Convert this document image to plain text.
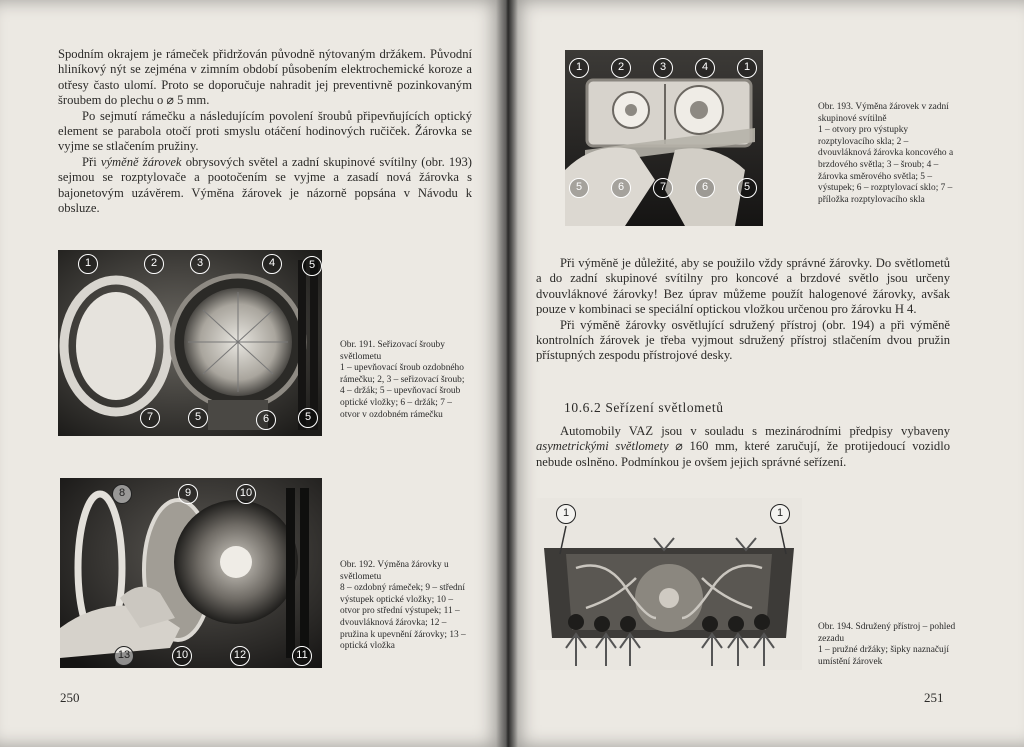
Spodním okrajem je rámeček přidržován původně nýtovaným držákem. Původní hliníkový nýt se zejména v zimním období působením elektrochemické koroze a otřesy často ulomí. Proto se doporučuje nahradit jej preventivně pozinkovaným šroubem do plechu o ⌀ 5 mm.

Po sejmutí rámečku a následujícím povolení šroubů připevňujících optický element se parabola otočí proti smyslu otáčení hodinových ručiček. Žárovka se vyjme se stlačením pružiny.

Při výměně žárovek obrysových světel a zadní skupinové svítilny (obr. 193) sejmou se rozptylovače a pootočením se vyjme a zasadí nová žárovka s bajonetovým uzávěrem. Výměna žárovek je názorně popsána v Návodu k obsluze.

1	2	3	4	5
7	5	6	5
Obr. 191. Seřizovací šrouby světlometu
1 – upevňovací šroub ozdobného rámečku; 2, 3 – seřizovací šroub; 4 – držák; 5 – upevňovací šroub optické vložky; 6 – držák; 7 – otvor v ozdobném rámečku
8	9	10
13	10	12	11
Obr. 192. Výměna žárovky u světlometu
8 – ozdobný rámeček; 9 – střední výstupek optické vložky; 10 – otvor pro střední výstupek; 11 – dvouvláknová žárovka; 12 – pružina k upevnění žárovky; 13 – optická vložka
250
1	2	3	4	1
5	6	7	6	5
Obr. 193. Výměna žárovek v zadní skupinové svítilně
1 – otvory pro výstupky rozptylovacího skla; 2 – dvouvláknová žárovka koncového a brzdového světla; 3 – šroub; 4 – žárovka směrového světla; 5 – výstupek; 6 – rozptylovací sklo; 7 – příložka rozptylovacího skla

Při výměně je důležité, aby se použilo vždy správné žárovky. Do světlometů a do zadní skupinové svítilny pro koncové a brzdové světlo jsou určeny dvouvláknové žárovky! Bez úprav můžeme použít halogenové žárovky, avšak pouze v kombinaci se speciální optickou vložkou určenou pro žárovku H 4.

Při výměně žárovky osvětlující sdružený přístroj (obr. 194) a při výměně kontrolních žárovek je třeba vyjmout sdružený přístroj stlačením dvou pružin přístupných zespodu přístrojové desky.

10.6.2 Seřízení světlometů

Automobily VAZ jsou v souladu s mezinárodními předpisy vybaveny asymetrickými světlomety ⌀ 160 mm, které zaručují, že protijedoucí vozidlo nebude oslněno. Podmínkou je ovšem jejich správné seřízení.

1	1
Obr. 194. Sdružený přístroj – pohled zezadu
1 – pružné držáky; šipky naznačují umístění žárovek
251
